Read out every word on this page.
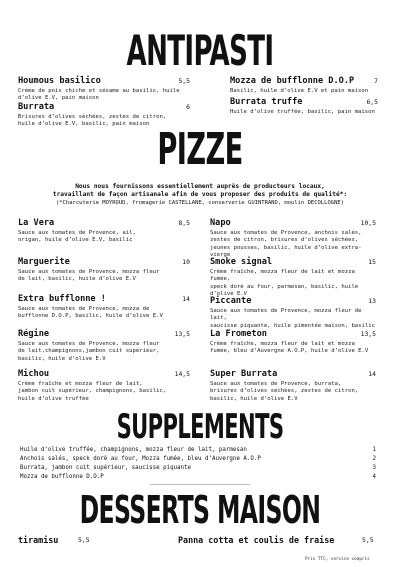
ANTIPASTI
Houmous basilico	5,5
Crème de pois chiche et sésame au basilic, huile
d’olive E.V, pain maison
Burrata	6
Brisures d’olives séchées, zestes de citron,
huile d’olive E.V, basilic, pain maison
Mozza de bufflonne D.O.P	7
Basilic, huile d’olive E.V et pain maison
Burrata truffe	6,5
Huile d’olive truffée, basilic, pain maison
PIZZE
Nous nous fournissons essentiellement auprès de producteurs locaux,
travaillant de façon artisanale afin de vous proposer des produits de qualité*:
(*Charcuterie MOYROUD, fromagerie CASTELLANE, conserverie GUINTRAND, moulin DECOLLOGNE)
La Vera	8,5
Sauce aux tomates de Provence, ail,
origan, huile d’olive E.V, basilic
Marguerite	10
Sauce aux tomates de Provence, mozza fleur
de lait, basilic, huile d’olive E.V
Extra bufflonne !	14
Sauce aux tomates de Provence, mozza de
bufflonne D.O.P, basilic, huile d’olive E.V
Régine	13,5
Sauce aux tomates de Provence, mozza fleur
de lait,champignons,jambon cuit supérieur,
basilic, huile d’olive E.V
Michou	14,5
Crème fraîche et mozza fleur de lait,
jambon cuit supérieur, champignons, basilic,
huile d’olive truffée
Napo	10,5
Sauce aux tomates de Provence, anchois salés,
zestes de citron, brisures d’olives séchées,
jeunes pousses, basilic, huile d’olive extra-vierge
Smoke signal	15
Crème fraîche, mozza fleur de lait et mozza fumée,
speck doré au four, parmesan, basilic, huile d’olive E.V
Piccante	13
Sauce aux tomates de Provence, mozza fleur de lait,
saucisse piquante, huile pimentée maison, basilic
La Frometon	13,5
Crème fraîche, mozza fleur de lait et mozza
fumée, bleu d’Auvergne A.O.P, huile d’olive E.V
Super Burrata	14
Sauce aux tomates de Provence, burrata,
brisures d’olives séchées, zestes de citron,
basilic, huile d’olive E.V
SUPPLEMENTS
Huile d’olive truffée, champignons, mozza fleur de lait, parmesan	1
Anchois salés, speck doré au four, Mozza fumée, bleu d’Auvergne A.O.P	2
Burrata, jambon cuit supérieur, saucisse piquante	3
Mozza de bufflonne D.O.P	4
DESSERTS MAISON
tiramisu	5,5	Panna cotta et coulis de fraise	5,5
Prix TTC, service compris
